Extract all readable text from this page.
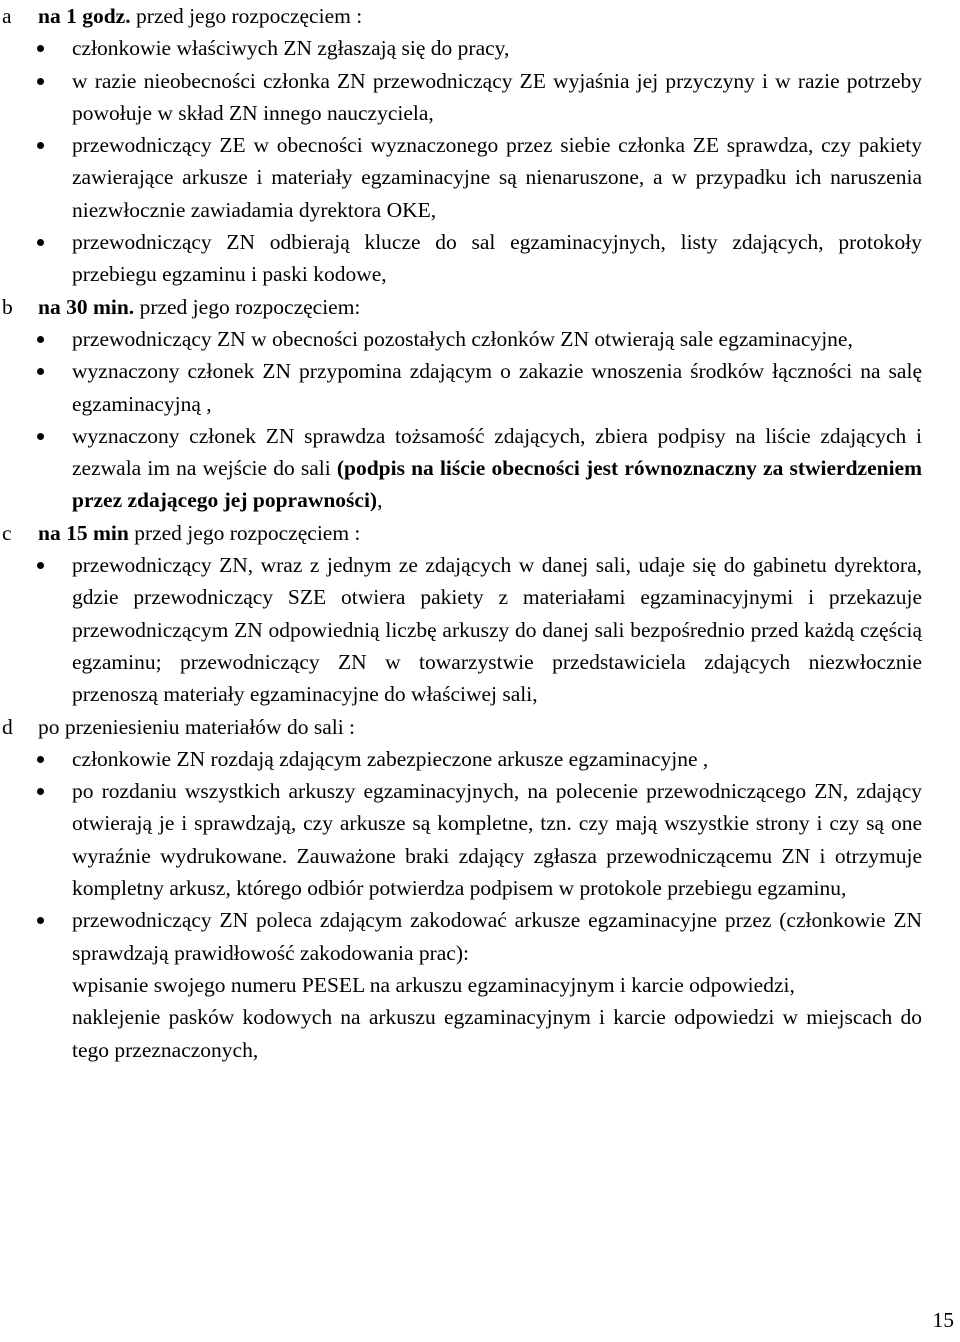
a	na 1 godz. przed jego rozpoczęciem :
członkowie właściwych ZN zgłaszają się do pracy,
w razie nieobecności członka ZN przewodniczący ZE wyjaśnia jej przyczyny i w razie potrzeby powołuje w skład ZN innego nauczyciela,
przewodniczący ZE w obecności wyznaczonego przez siebie członka ZE sprawdza, czy pakiety zawierające arkusze i materiały egzaminacyjne są nienaruszone, a w przypadku ich naruszenia niezwłocznie zawiadamia dyrektora OKE,
przewodniczący ZN odbierają klucze do sal egzaminacyjnych, listy zdających, protokoły przebiegu egzaminu i paski kodowe,
b	na 30 min. przed jego rozpoczęciem:
przewodniczący ZN w obecności pozostałych członków ZN otwierają sale egzaminacyjne,
wyznaczony członek ZN przypomina zdającym o zakazie wnoszenia środków łączności na salę egzaminacyjną ,
wyznaczony członek ZN sprawdza tożsamość zdających, zbiera podpisy na liście zdających i zezwala im na wejście do sali (podpis na liście obecności jest równoznaczny za stwierdzeniem przez zdającego jej poprawności),
c	na 15 min przed jego rozpoczęciem :
przewodniczący ZN, wraz z jednym ze zdających w danej sali, udaje się do gabinetu dyrektora, gdzie przewodniczący SZE otwiera pakiety z materiałami egzaminacyjnymi i przekazuje przewodniczącym ZN odpowiednią liczbę arkuszy do danej sali bezpośrednio przed każdą częścią egzaminu; przewodniczący ZN w towarzystwie przedstawiciela zdających niezwłocznie przenoszą materiały egzaminacyjne do właściwej sali,
d	po przeniesieniu materiałów do sali :
członkowie ZN rozdają zdającym zabezpieczone arkusze egzaminacyjne ,
po rozdaniu wszystkich arkuszy egzaminacyjnych, na polecenie przewodniczącego ZN, zdający otwierają je i sprawdzają, czy arkusze są kompletne, tzn. czy mają wszystkie strony i czy są one wyraźnie wydrukowane. Zauważone braki zdający zgłasza przewodniczącemu ZN i otrzymuje kompletny arkusz, którego odbiór potwierdza podpisem w protokole przebiegu egzaminu,
przewodniczący ZN poleca zdającym zakodować arkusze egzaminacyjne przez (członkowie ZN sprawdzają prawidłowość zakodowania prac):
wpisanie swojego numeru PESEL na arkuszu egzaminacyjnym i karcie odpowiedzi,
naklejenie pasków kodowych na arkuszu egzaminacyjnym i karcie odpowiedzi w miejscach do tego przeznaczonych,
15
